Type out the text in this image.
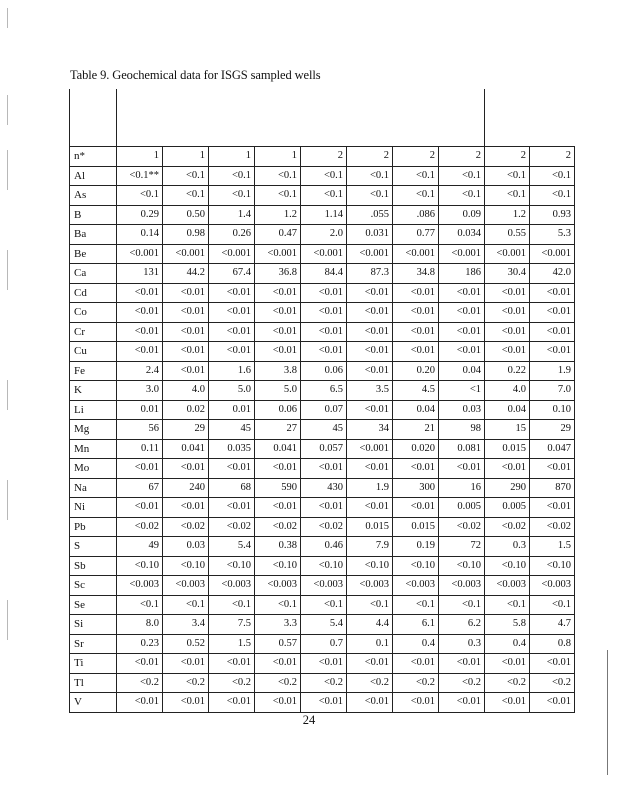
Table 9. Geochemical data for ISGS sampled wells

n*	1	1	1	1	2	2	2	2	2	2
Al	<0.1**	<0.1	<0.1	<0.1	<0.1	<0.1	<0.1	<0.1	<0.1	<0.1
As	<0.1	<0.1	<0.1	<0.1	<0.1	<0.1	<0.1	<0.1	<0.1	<0.1
B	0.29	0.50	1.4	1.2	1.14	.055	.086	0.09	1.2	0.93
Ba	0.14	0.98	0.26	0.47	2.0	0.031	0.77	0.034	0.55	5.3
Be	<0.001	<0.001	<0.001	<0.001	<0.001	<0.001	<0.001	<0.001	<0.001	<0.001
Ca	131	44.2	67.4	36.8	84.4	87.3	34.8	186	30.4	42.0
Cd	<0.01	<0.01	<0.01	<0.01	<0.01	<0.01	<0.01	<0.01	<0.01	<0.01
Co	<0.01	<0.01	<0.01	<0.01	<0.01	<0.01	<0.01	<0.01	<0.01	<0.01
Cr	<0.01	<0.01	<0.01	<0.01	<0.01	<0.01	<0.01	<0.01	<0.01	<0.01
Cu	<0.01	<0.01	<0.01	<0.01	<0.01	<0.01	<0.01	<0.01	<0.01	<0.01
Fe	2.4	<0.01	1.6	3.8	0.06	<0.01	0.20	0.04	0.22	1.9
K	3.0	4.0	5.0	5.0	6.5	3.5	4.5	<1	4.0	7.0
Li	0.01	0.02	0.01	0.06	0.07	<0.01	0.04	0.03	0.04	0.10
Mg	56	29	45	27	45	34	21	98	15	29
Mn	0.11	0.041	0.035	0.041	0.057	<0.001	0.020	0.081	0.015	0.047
Mo	<0.01	<0.01	<0.01	<0.01	<0.01	<0.01	<0.01	<0.01	<0.01	<0.01
Na	67	240	68	590	430	1.9	300	16	290	870
Ni	<0.01	<0.01	<0.01	<0.01	<0.01	<0.01	<0.01	0.005	0.005	<0.01
Pb	<0.02	<0.02	<0.02	<0.02	<0.02	0.015	0.015	<0.02	<0.02	<0.02
S	49	0.03	5.4	0.38	0.46	7.9	0.19	72	0.3	1.5
Sb	<0.10	<0.10	<0.10	<0.10	<0.10	<0.10	<0.10	<0.10	<0.10	<0.10
Sc	<0.003	<0.003	<0.003	<0.003	<0.003	<0.003	<0.003	<0.003	<0.003	<0.003
Se	<0.1	<0.1	<0.1	<0.1	<0.1	<0.1	<0.1	<0.1	<0.1	<0.1
Si	8.0	3.4	7.5	3.3	5.4	4.4	6.1	6.2	5.8	4.7
Sr	0.23	0.52	1.5	0.57	0.7	0.1	0.4	0.3	0.4	0.8
Ti	<0.01	<0.01	<0.01	<0.01	<0.01	<0.01	<0.01	<0.01	<0.01	<0.01
Tl	<0.2	<0.2	<0.2	<0.2	<0.2	<0.2	<0.2	<0.2	<0.2	<0.2
V	<0.01	<0.01	<0.01	<0.01	<0.01	<0.01	<0.01	<0.01	<0.01	<0.01
24
